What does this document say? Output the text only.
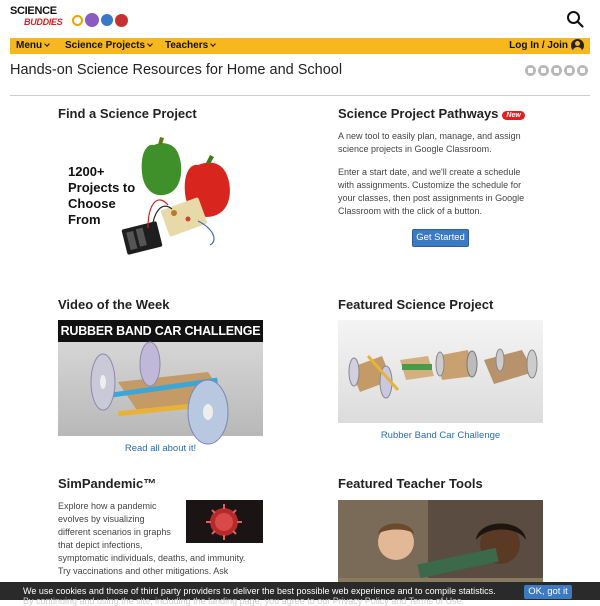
SCIENCE
BUDDIES
Menu	Science Projects	Teachers	Log In / Join
Hands-on Science Resources for Home and School
Find a Science Project
1200+
Projects to
Choose
From
Science Project Pathways New
A new tool to easily plan, manage, and assign
science projects in Google Classroom.
Enter a start date, and we'll create a schedule
with assignments. Customize the schedule for
your classes, then post assignments in Google
Classroom with the click of a button.
Get Started
Video of the Week
RUBBER BAND CAR CHALLENGE
Read all about it!
Featured Science Project
Rubber Band Car Challenge
SimPandemic™
Explore how a pandemic
evolves by visualizing
different scenarios in graphs
that depict infections,
symptomatic individuals, deaths, and immunity.
Try vaccinations and other mitigations. Ask
Featured Teacher Tools
We use cookies and those of third party providers to deliver the best possible web experience and to compile statistics.
By continuing and using the site, including the landing page, you agree to our Privacy Policy and Terms of Use.
OK, got it
